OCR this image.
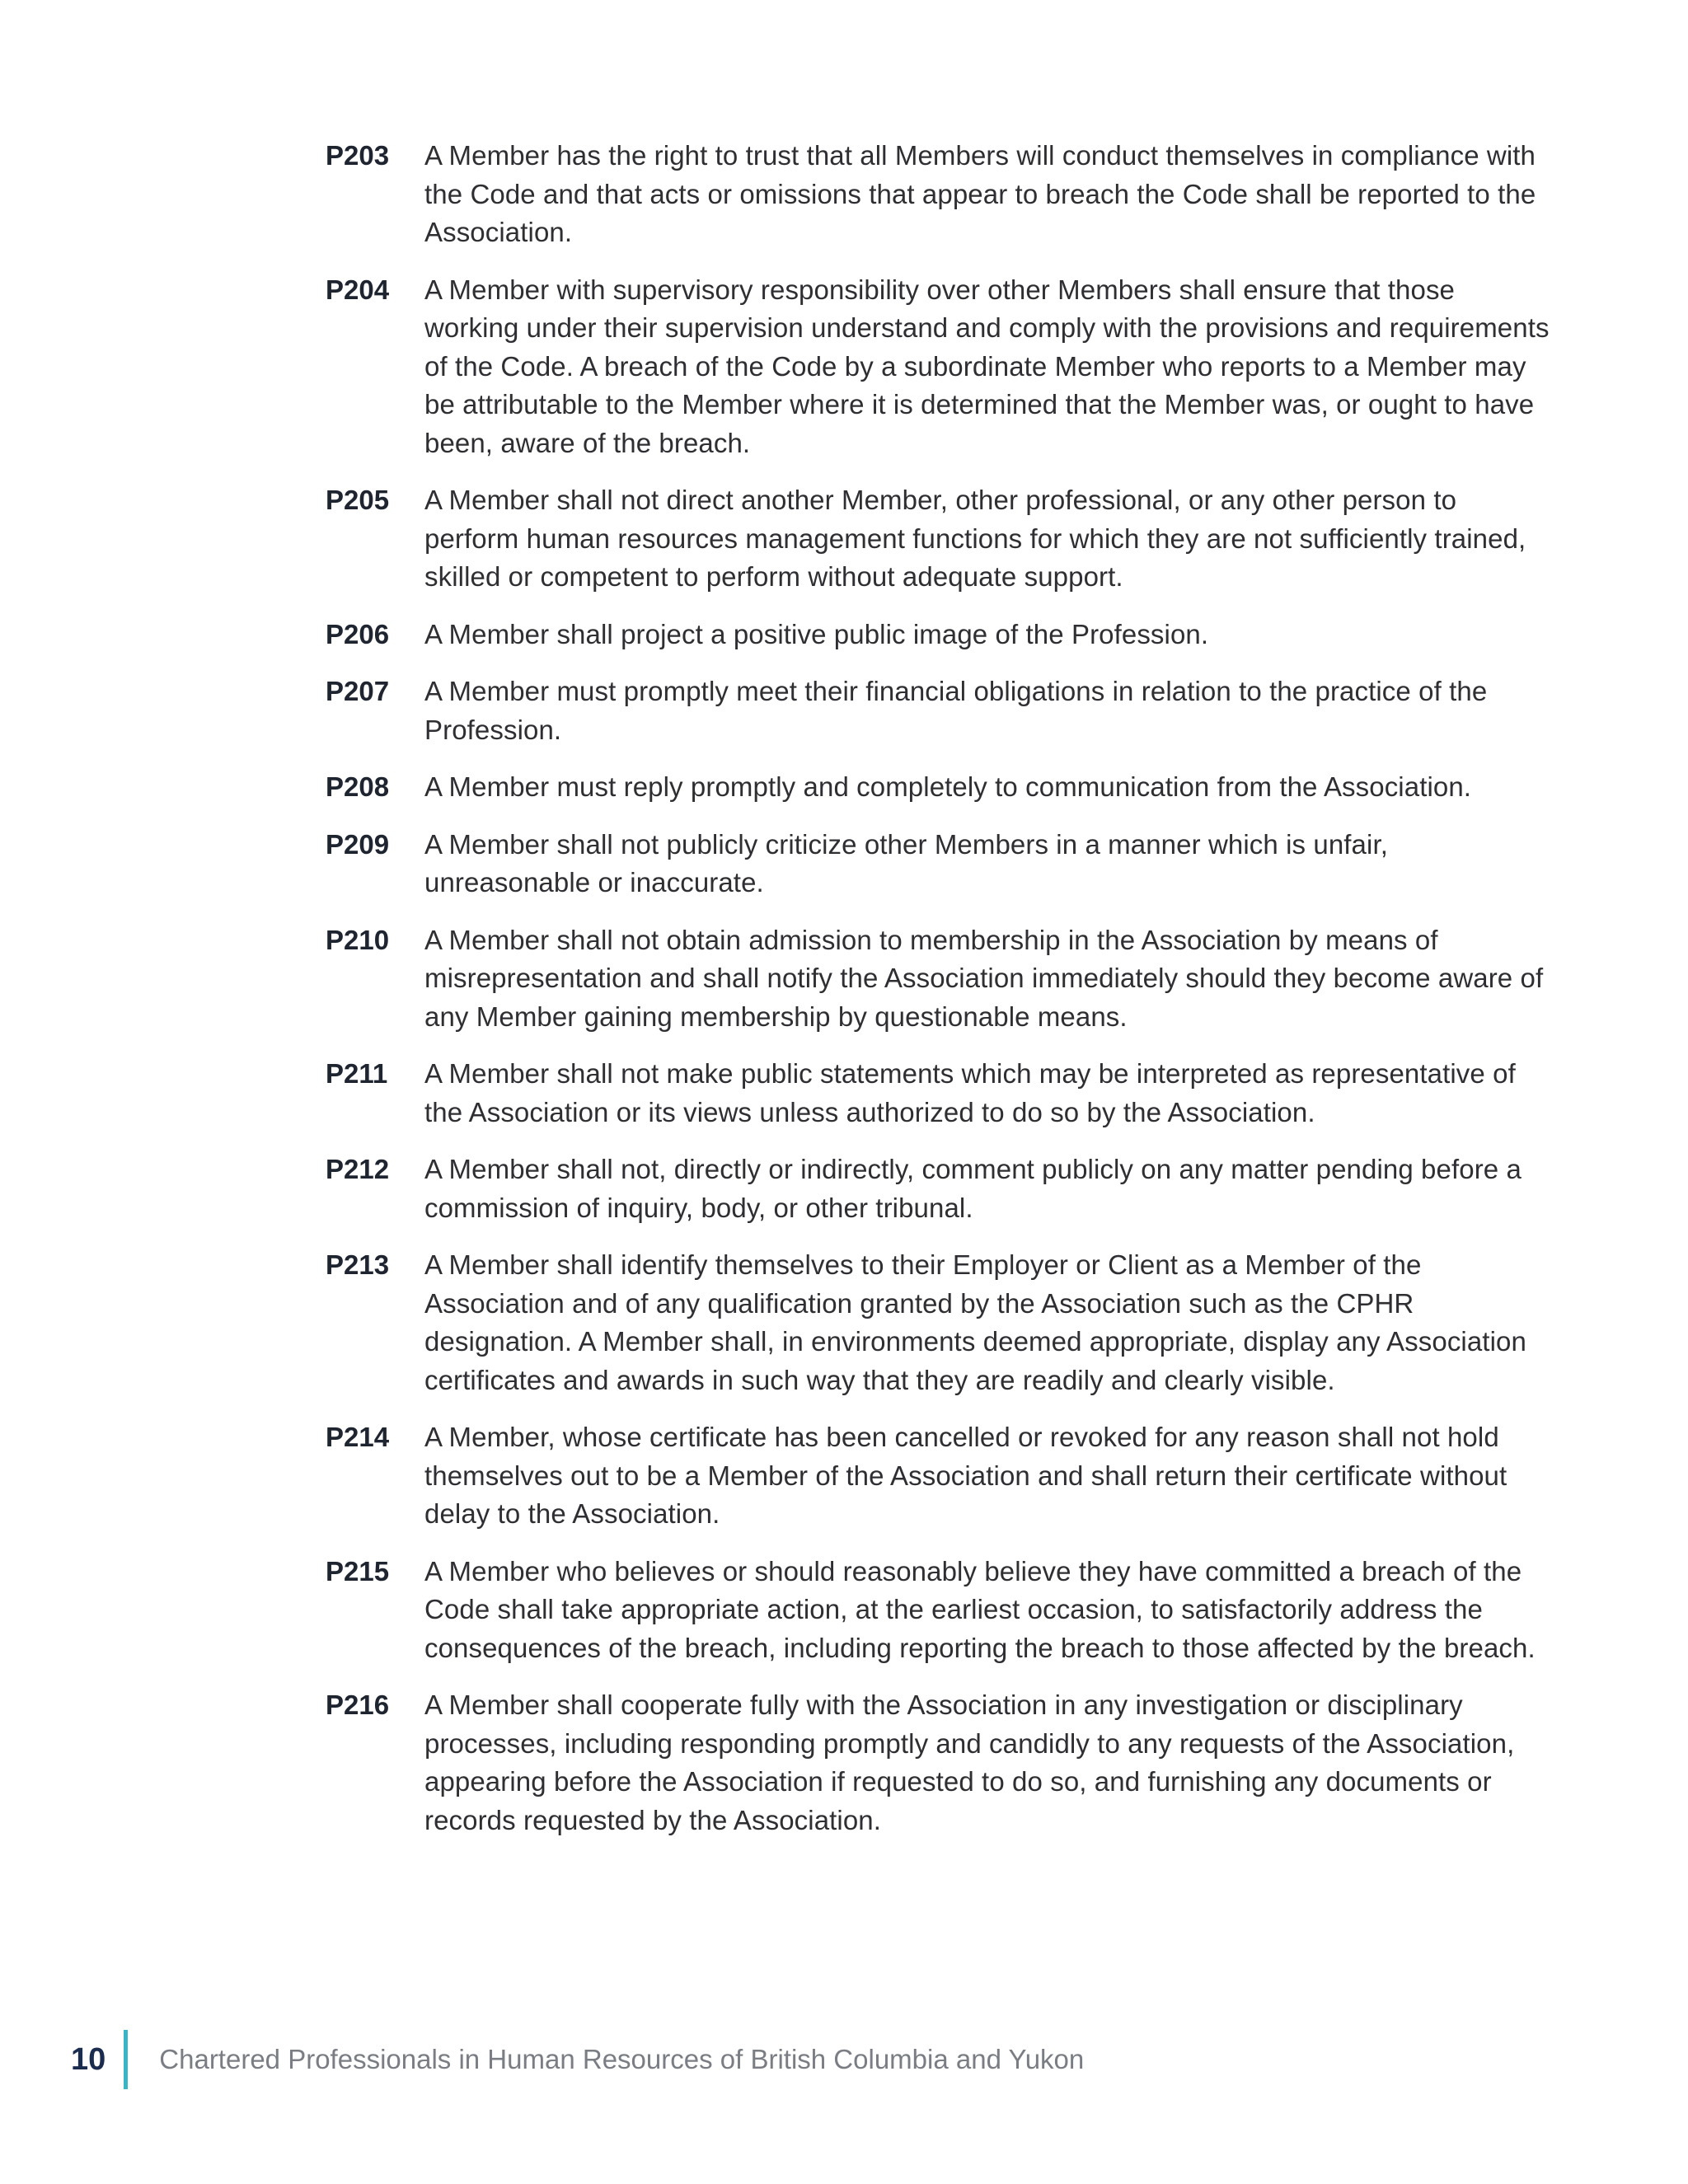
P203	A Member has the right to trust that all Members will conduct themselves in compliance with the Code and that acts or omissions that appear to breach the Code shall be reported to the Association.
P204	A Member with supervisory responsibility over other Members shall ensure that those working under their supervision understand and comply with the provisions and requirements of the Code. A breach of the Code by a subordinate Member who reports to a Member may be attributable to the Member where it is determined that the Member was, or ought to have been, aware of the breach.
P205	A Member shall not direct another Member, other professional, or any other person to perform human resources management functions for which they are not sufficiently trained, skilled or competent to perform without adequate support.
P206	A Member shall project a positive public image of the Profession.
P207	A Member must promptly meet their financial obligations in relation to the practice of the Profession.
P208	A Member must reply promptly and completely to communication from the Association.
P209	A Member shall not publicly criticize other Members in a manner which is unfair, unreasonable or inaccurate.
P210	A Member shall not obtain admission to membership in the Association by means of misrepresentation and shall notify the Association immediately should they become aware of any Member gaining membership by questionable means.
P211	A Member shall not make public statements which may be interpreted as representative of the Association or its views unless authorized to do so by the Association.
P212	A Member shall not, directly or indirectly, comment publicly on any matter pending before a commission of inquiry, body, or other tribunal.
P213	A Member shall identify themselves to their Employer or Client as a Member of the Association and of any qualification granted by the Association such as the CPHR designation. A Member shall, in environments deemed appropriate, display any Association certificates and awards in such way that they are readily and clearly visible.
P214	A Member, whose certificate has been cancelled or revoked for any reason shall not hold themselves out to be a Member of the Association and shall return their certificate without delay to the Association.
P215	A Member who believes or should reasonably believe they have committed a breach of the Code shall take appropriate action, at the earliest occasion, to satisfactorily address the consequences of the breach, including reporting the breach to those affected by the breach.
P216	A Member shall cooperate fully with the Association in any investigation or disciplinary processes, including responding promptly and candidly to any requests of the Association, appearing before the Association if requested to do so, and furnishing any documents or records requested by the Association.
10 Chartered Professionals in Human Resources of British Columbia and Yukon
